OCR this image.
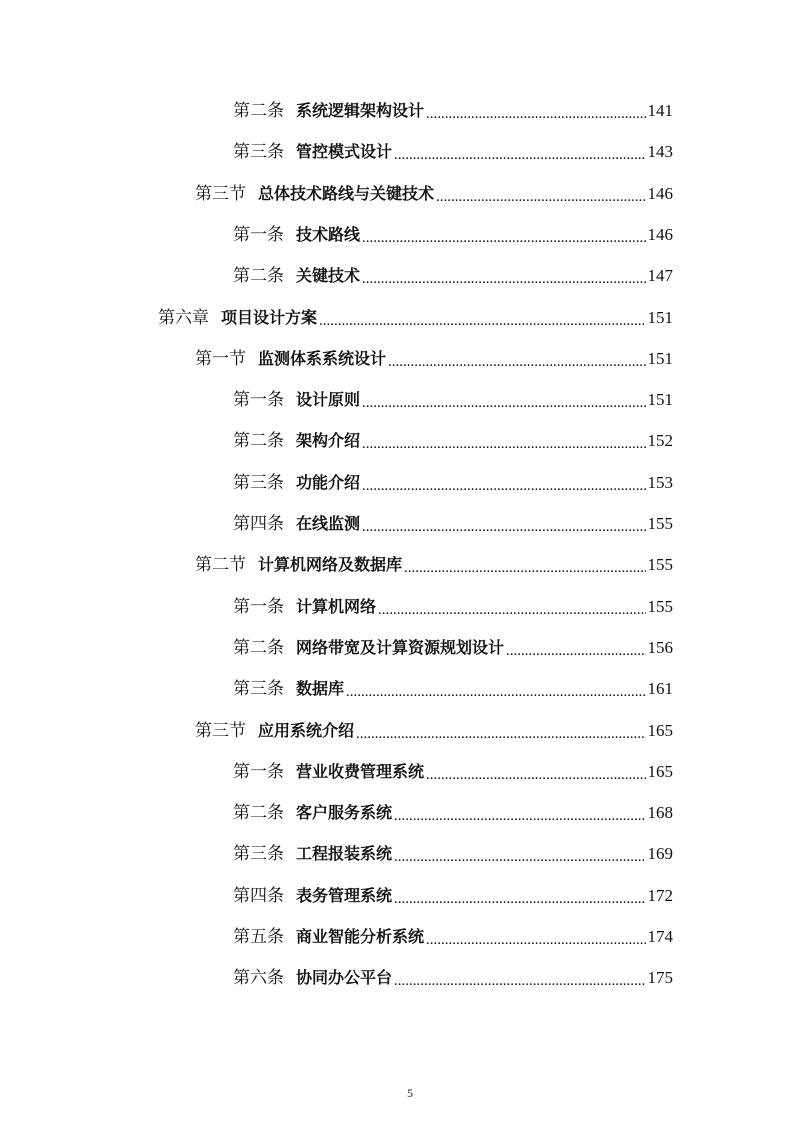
第二条 系统逻辑架构设计 .....	141
第三条 管控模式设计 .....	143
第三节 总体技术路线与关键技术 .....	146
第一条 技术路线 .....	146
第二条 关键技术 .....	147
第六章 项目设计方案 .....	151
第一节 监测体系系统设计 .....	151
第一条 设计原则 .....	151
第二条 架构介绍 .....	152
第三条 功能介绍 .....	153
第四条 在线监测 .....	155
第二节 计算机网络及数据库 .....	155
第一条 计算机网络 .....	155
第二条 网络带宽及计算资源规划设计 .....	156
第三条 数据库 .....	161
第三节 应用系统介绍 .....	165
第一条 营业收费管理系统 .....	165
第二条 客户服务系统 .....	168
第三条 工程报装系统 .....	169
第四条 表务管理系统 .....	172
第五条 商业智能分析系统 .....	174
第六条 协同办公平台 .....	175
5
